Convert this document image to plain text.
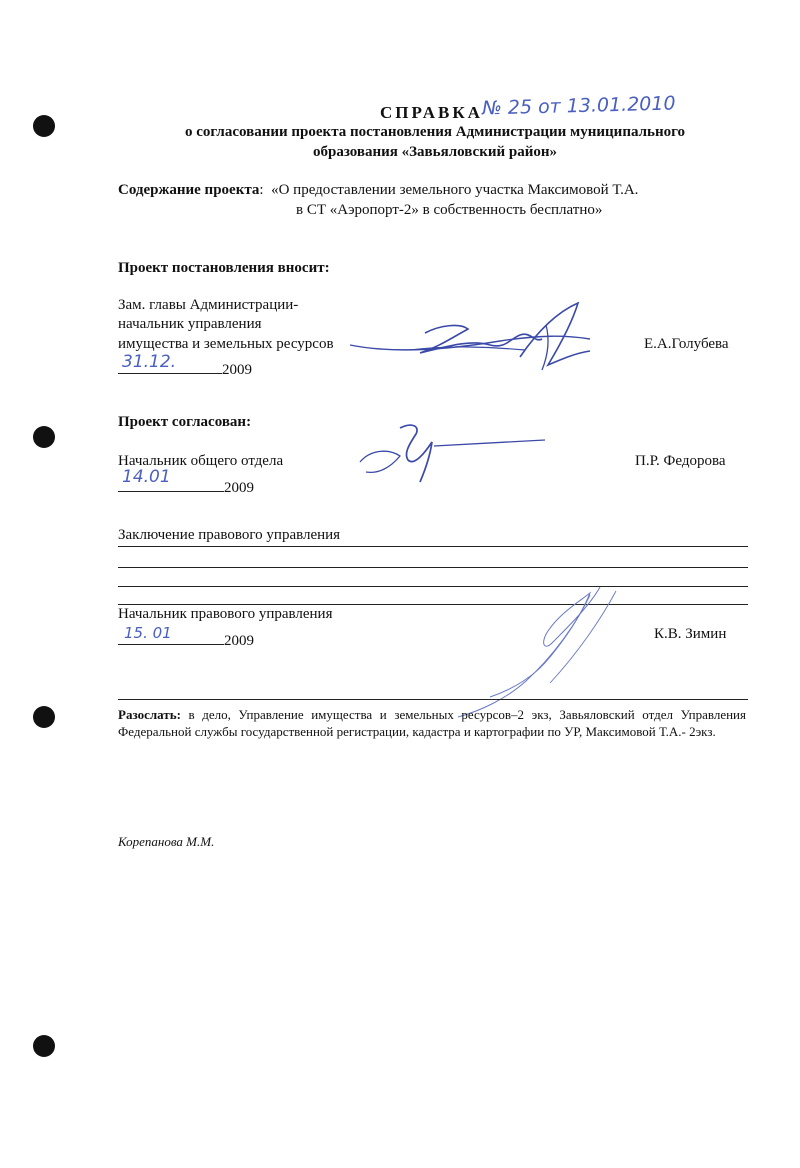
СПРАВКА
№ 25 от 13.01.2010
о согласовании проекта постановления Администрации муниципального
образования «Завьяловский район»
Содержание проекта: «О предоставлении земельного участка Максимовой Т.А.
в СТ «Аэропорт-2» в собственность бесплатно»
Проект постановления вносит:
Зам. главы Администрации-
начальник управления
имущества и земельных ресурсов
31.12.	2009
Е.А.Голубева
Проект согласован:
Начальник общего отдела
14.01
2009
П.Р. Федорова
Заключение правового управления
Начальник правового управления
15. 01	2009	К.В. Зимин
Разослать: в дело, Управление имущества и земельных ресурсов–2 экз, Завьяловский отдел Управления Федеральной службы государственной регистрации, кадастра и картографии по УР, Максимовой Т.А.- 2экз.
Корепанова М.М.
